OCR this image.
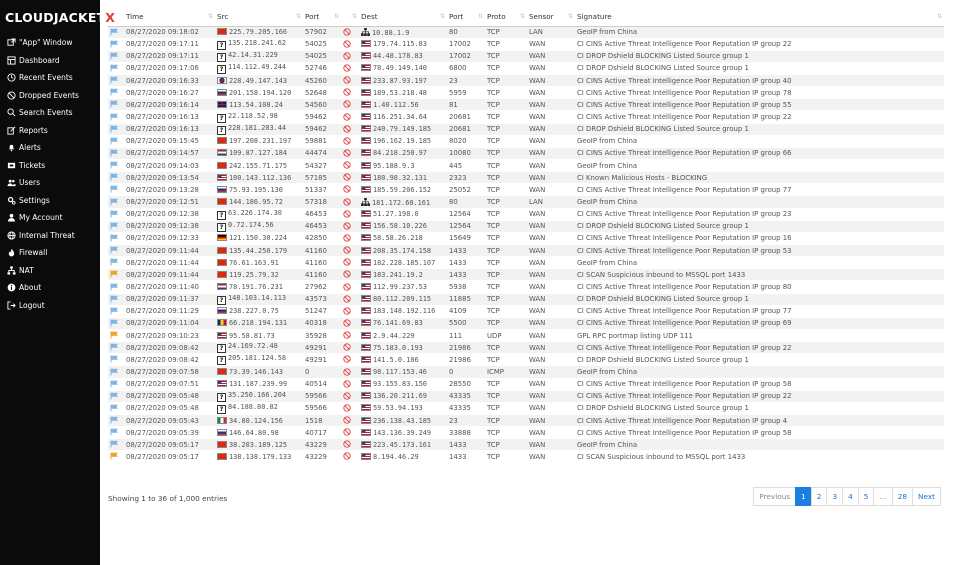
CLOUDJACKET X
"App" Window
Dashboard
Recent Events
Dropped Events
Search Events
Reports
Alerts
Tickets
Users
Settings
My Account
Internal Threat
Firewall
NAT
About
Logout
	Time ⇅	Src ⇅	Port ⇅	⇅	Dest ⇅	Port ⇅	Proto ⇅	Sensor ⇅	Signature ⇅

	08/27/2020 09:18:02	225.79.205.166	57902		10.88.1.9	80	TCP	LAN	GeoIP from China
	08/27/2020 09:17:11	? 135.218.241.62	54025		179.74.115.83	17002	TCP	WAN	CI CINS Active Threat Intelligence Poor Reputation IP group 22
	08/27/2020 09:17:11	? 42.14.31.229	54025		44.48.178.83	17002	TCP	WAN	CI DROP Dshield BLOCKING Listed Source group 1
	08/27/2020 09:17:06	? 114.112.49.244	52746		78.49.149.140	6800	TCP	WAN	CI DROP Dshield BLOCKING Listed Source group 1
	08/27/2020 09:16:33	228.49.147.143	45260		233.87.93.197	23	TCP	WAN	CI CINS Active Threat Intelligence Poor Reputation IP group 40
	08/27/2020 09:16:27	201.158.194.120	52648		189.53.218.48	5959	TCP	WAN	CI CINS Active Threat Intelligence Poor Reputation IP group 78
	08/27/2020 09:16:14	113.54.108.24	54560		1.40.112.56	81	TCP	WAN	CI CINS Active Threat Intelligence Poor Reputation IP group 55
	08/27/2020 09:16:13	? 22.118.52.98	59462		116.251.34.64	20681	TCP	WAN	CI CINS Active Threat Intelligence Poor Reputation IP group 22
	08/27/2020 09:16:13	? 228.181.203.44	59462		240.79.149.185	20681	TCP	WAN	CI DROP Dshield BLOCKING Listed Source group 1
	08/27/2020 09:15:45	197.208.231.197	59881		196.162.19.185	8020	TCP	WAN	GeoIP from China
	08/27/2020 09:14:57	109.87.127.184	44474		84.218.250.97	10080	TCP	WAN	CI CINS Active Threat Intelligence Poor Reputation IP group 66
	08/27/2020 09:14:03	242.155.71.175	54327		95.188.9.3	445	TCP	WAN	GeoIP from China
	08/27/2020 09:13:54	100.143.112.136	57185		180.98.32.131	2323	TCP	WAN	CI Known Malicious Hosts - BLOCKING
	08/27/2020 09:13:28	75.93.195.130	51337		185.59.206.152	25052	TCP	WAN	CI CINS Active Threat Intelligence Poor Reputation IP group 77
	08/27/2020 09:12:51	144.186.95.72	57318		181.172.60.161	80	TCP	LAN	GeoIP from China
	08/27/2020 09:12:38	? 63.226.174.30	46453		51.27.198.0	12564	TCP	WAN	CI CINS Active Threat Intelligence Poor Reputation IP group 23
	08/27/2020 09:12:38	? 0.72.174.56	46453		156.58.10.226	12564	TCP	WAN	CI DROP Dshield BLOCKING Listed Source group 1
	08/27/2020 09:12:33	121.150.30.224	42850		58.58.26.218	15649	TCP	WAN	CI CINS Active Threat Intelligence Poor Reputation IP group 16
	08/27/2020 09:11:44	135.44.250.179	41160		208.35.174.158	1433	TCP	WAN	CI CINS Active Threat Intelligence Poor Reputation IP group 53
	08/27/2020 09:11:44	76.61.163.91	41160		182.228.185.107	1433	TCP	WAN	GeoIP from China
	08/27/2020 09:11:44	119.25.79.32	41160		183.241.19.2	1433	TCP	WAN	CI SCAN Suspicious inbound to MSSQL port 1433
	08/27/2020 09:11:40	78.191.76.231	27962		112.99.237.53	5938	TCP	WAN	CI CINS Active Threat Intelligence Poor Reputation IP group 80
	08/27/2020 09:11:37	? 148.103.14.113	43573		80.112.209.115	11885	TCP	WAN	CI DROP Dshield BLOCKING Listed Source group 1
	08/27/2020 09:11:29	238.227.0.75	51247		183.148.192.116	4109	TCP	WAN	CI CINS Active Threat Intelligence Poor Reputation IP group 77
	08/27/2020 09:11:04	66.218.194.131	40318		76.141.69.83	5500	TCP	WAN	CI CINS Active Threat Intelligence Poor Reputation IP group 69
	08/27/2020 09:10:23	95.58.81.73	35928		2.9.44.229	111	UDP	WAN	GPL RPC portmap listing UDP 111
	08/27/2020 09:08:42	? 24.169.72.48	49291		75.183.0.193	21986	TCP	WAN	CI CINS Active Threat Intelligence Poor Reputation IP group 22
	08/27/2020 09:08:42	? 205.181.124.58	49291		141.5.0.106	21986	TCP	WAN	CI DROP Dshield BLOCKING Listed Source group 1
	08/27/2020 09:07:58	73.39.146.143	0		98.117.153.46	0	ICMP	WAN	GeoIP from China
	08/27/2020 09:07:51	131.187.239.99	40514		93.155.83.150	28550	TCP	WAN	CI CINS Active Threat Intelligence Poor Reputation IP group 58
	08/27/2020 09:05:48	? 35.250.166.204	59566		136.20.211.69	43335	TCP	WAN	CI CINS Active Threat Intelligence Poor Reputation IP group 22
	08/27/2020 09:05:48	? 84.188.80.82	59566		59.53.94.193	43335	TCP	WAN	CI DROP Dshield BLOCKING Listed Source group 1
	08/27/2020 09:05:43	34.80.124.156	1518		236.138.43.185	23	TCP	WAN	CI CINS Active Threat Intelligence Poor Reputation IP group 4
	08/27/2020 09:05:39	146.64.80.98	40717		143.136.39.249	33888	TCP	WAN	CI CINS Active Threat Intelligence Poor Reputation IP group 58
	08/27/2020 09:05:17	38.203.189.125	43229		223.45.173.161	1433	TCP	WAN	GeoIP from China
	08/27/2020 09:05:17	138.138.179.133	43229		8.194.46.29	1433	TCP	WAN	CI SCAN Suspicious inbound to MSSQL port 1433
Showing 1 to 36 of 1,000 entries	Previous	1	2	3	4	5	…	28	Next
